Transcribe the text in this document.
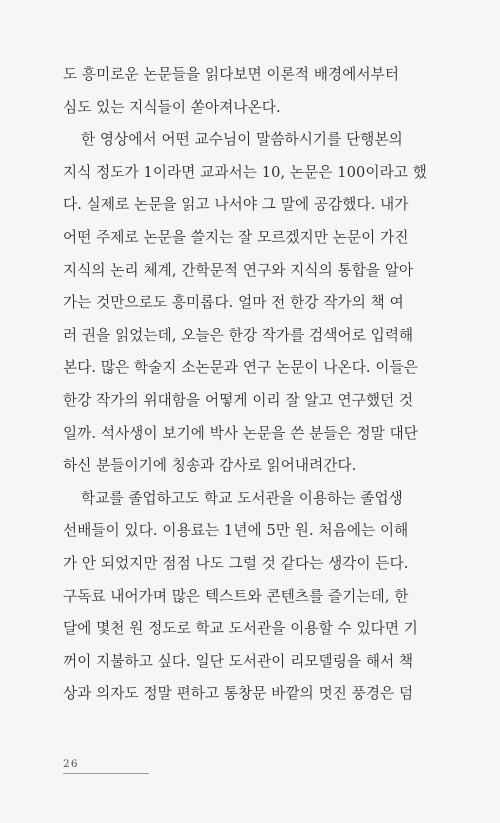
도 흥미로운 논문들을 읽다보면 이론적 배경에서부터
심도 있는 지식들이 쏟아져나온다.
한 영상에서 어떤 교수님이 말씀하시기를 단행본의
지식 정도가 1이라면 교과서는 10, 논문은 100이라고 했
다. 실제로 논문을 읽고 나서야 그 말에 공감했다. 내가
어떤 주제로 논문을 쓸지는 잘 모르겠지만 논문이 가진
지식의 논리 체계, 간학문적 연구와 지식의 통합을 알아
가는 것만으로도 흥미롭다. 얼마 전 한강 작가의 책 여
러 권을 읽었는데, 오늘은 한강 작가를 검색어로 입력해
본다. 많은 학술지 소논문과 연구 논문이 나온다. 이들은
한강 작가의 위대함을 어떻게 이리 잘 알고 연구했던 것
일까. 석사생이 보기에 박사 논문을 쓴 분들은 정말 대단
하신 분들이기에 칭송과 감사로 읽어내려간다.
학교를 졸업하고도 학교 도서관을 이용하는 졸업생
선배들이 있다. 이용료는 1년에 5만 원. 처음에는 이해
가 안 되었지만 점점 나도 그럴 것 같다는 생각이 든다.
구독료 내어가며 많은 텍스트와 콘텐츠를 즐기는데, 한
달에 몇천 원 정도로 학교 도서관을 이용할 수 있다면 기
꺼이 지불하고 싶다. 일단 도서관이 리모델링을 해서 책
상과 의자도 정말 편하고 통창문 바깥의 멋진 풍경은 덤
26
